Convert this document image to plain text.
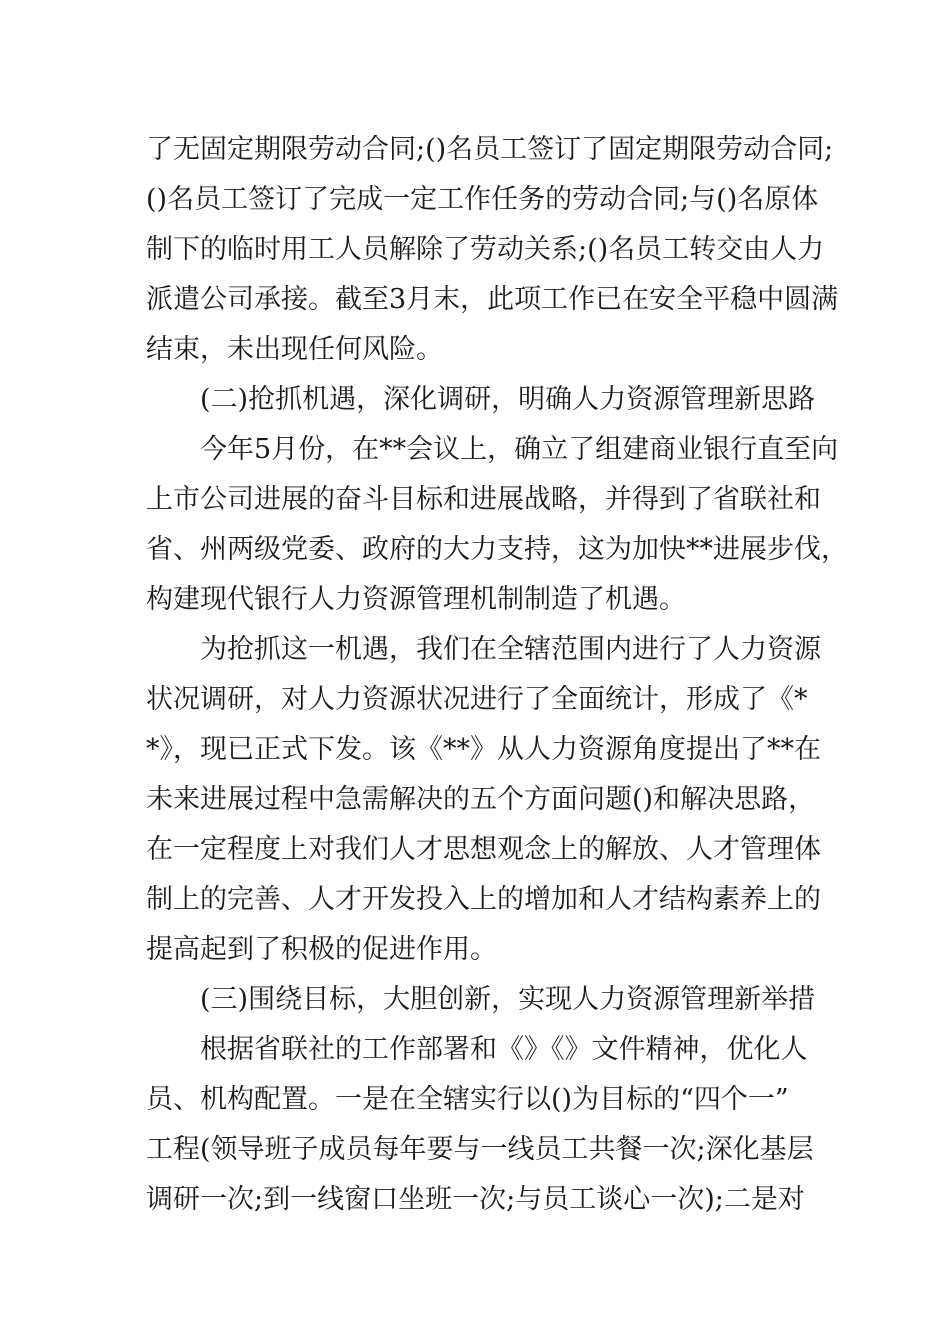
了无固定期限劳动合同;()名员工签订了固定期限劳动合同;
()名员工签订了完成一定工作任务的劳动合同;与()名原体
制下的临时用工人员解除了劳动关系;()名员工转交由人力
派遣公司承接。截至3月末，此项工作已在安全平稳中圆满
结束，未出现任何风险。
(二)抢抓机遇，深化调研，明确人力资源管理新思路
今年5月份，在**会议上，确立了组建商业银行直至向
上市公司进展的奋斗目标和进展战略，并得到了省联社和
省、州两级党委、政府的大力支持，这为加快**进展步伐，
构建现代银行人力资源管理机制制造了机遇。
为抢抓这一机遇，我们在全辖范围内进行了人力资源
状况调研，对人力资源状况进行了全面统计，形成了《*
*》，现已正式下发。该《**》从人力资源角度提出了**在
未来进展过程中急需解决的五个方面问题()和解决思路，
在一定程度上对我们人才思想观念上的解放、人才管理体
制上的完善、人才开发投入上的增加和人才结构素养上的
提高起到了积极的促进作用。
(三)围绕目标，大胆创新，实现人力资源管理新举措
根据省联社的工作部署和《》《》文件精神，优化人
员、机构配置。一是在全辖实行以()为目标的“四个一”
工程(领导班子成员每年要与一线员工共餐一次;深化基层
调研一次;到一线窗口坐班一次;与员工谈心一次);二是对
